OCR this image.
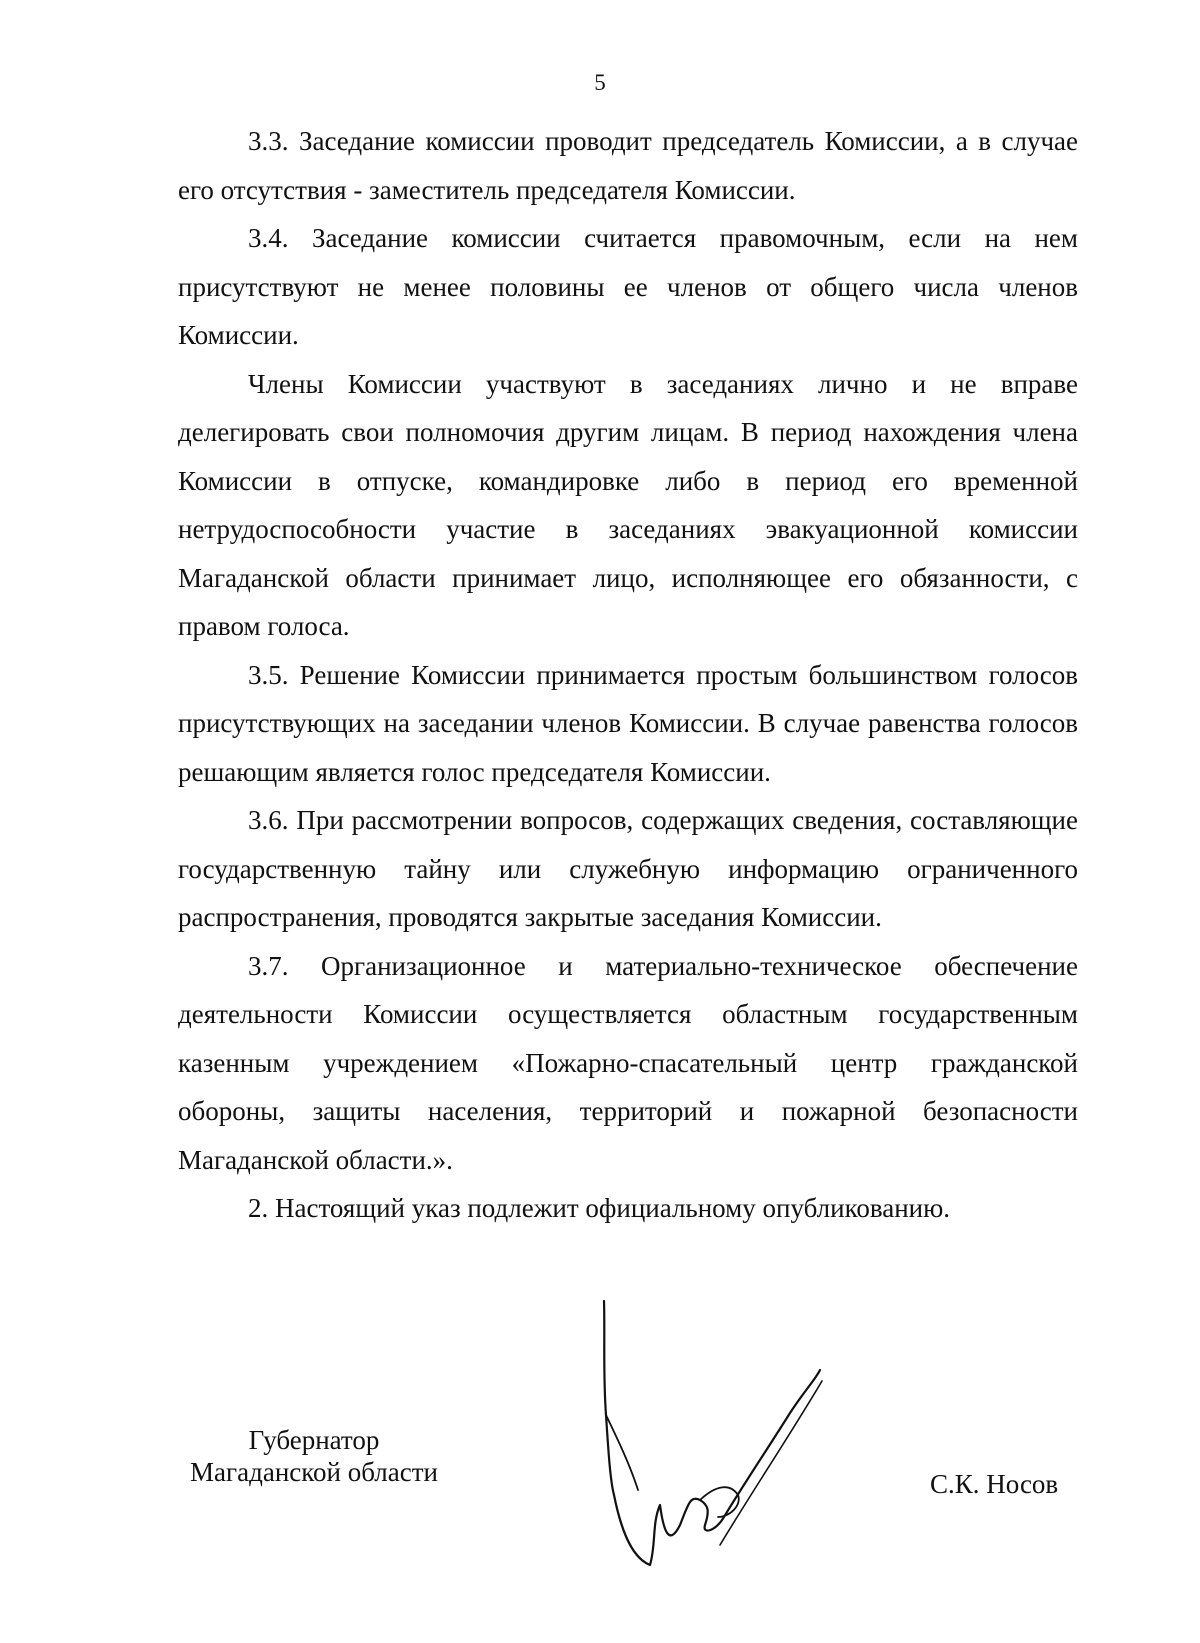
5

3.3. Заседание комиссии проводит председатель Комиссии, а в случае его отсутствия - заместитель председателя Комиссии.

3.4. Заседание комиссии считается правомочным, если на нем присутствуют не менее половины ее членов от общего числа членов Комиссии.

Члены Комиссии участвуют в заседаниях лично и не вправе делегировать свои полномочия другим лицам. В период нахождения члена Комиссии в отпуске, командировке либо в период его временной нетрудоспособности участие в заседаниях эвакуационной комиссии Магаданской области принимает лицо, исполняющее его обязанности, с правом голоса.

3.5. Решение Комиссии принимается простым большинством голосов присутствующих на заседании членов Комиссии. В случае равенства голосов решающим является голос председателя Комиссии.

3.6. При рассмотрении вопросов, содержащих сведения, составляющие государственную тайну или служебную информацию ограниченного распространения, проводятся закрытые заседания Комиссии.

3.7. Организационное и материально-техническое обеспечение деятельности Комиссии осуществляется областным государственным казенным учреждением «Пожарно-спасательный центр гражданской обороны, защиты населения, территорий и пожарной безопасности Магаданской области.».

2. Настоящий указ подлежит официальному опубликованию.

Губернатор
Магаданской области	С.К. Носов
